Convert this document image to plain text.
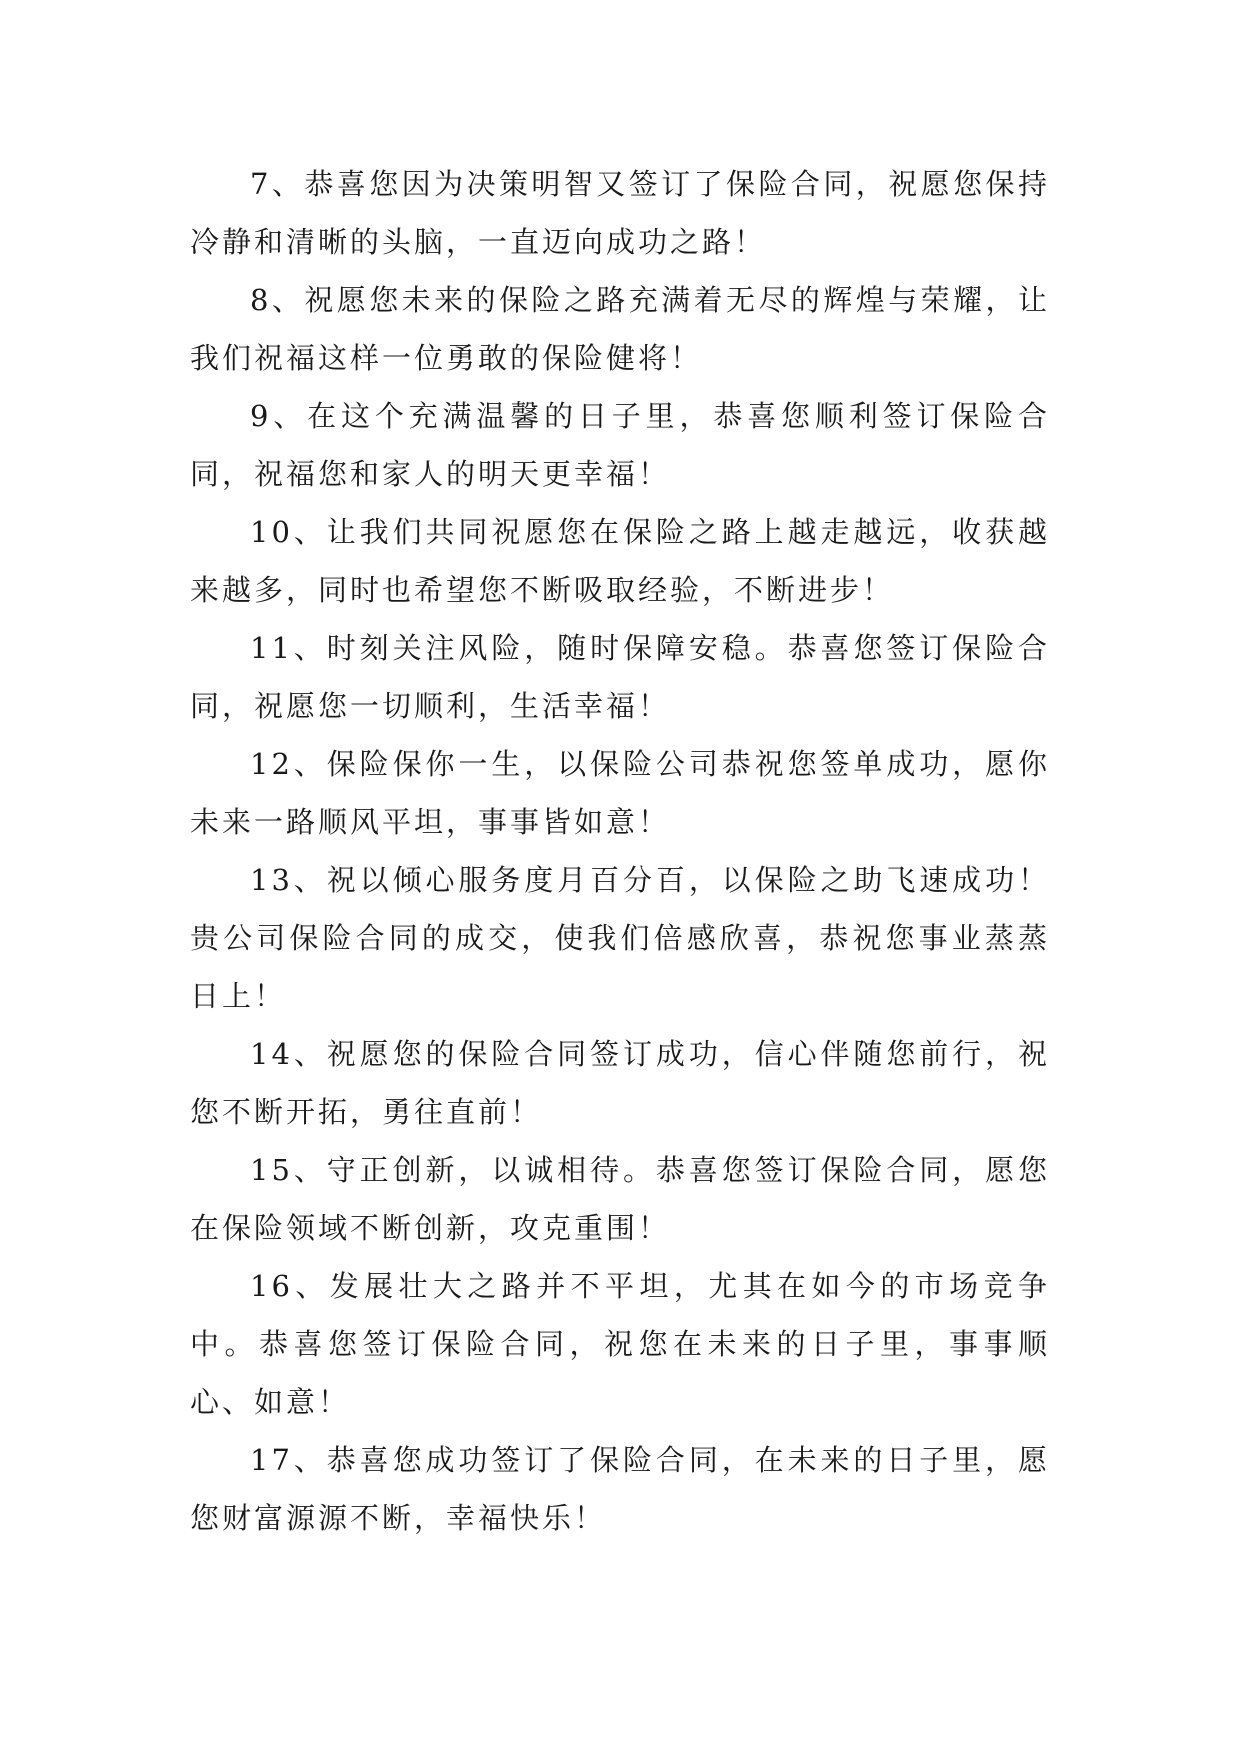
7、恭喜您因为决策明智又签订了保险合同，祝愿您保持冷静和清晰的头脑，一直迈向成功之路！

8、祝愿您未来的保险之路充满着无尽的辉煌与荣耀，让我们祝福这样一位勇敢的保险健将！

9、在这个充满温馨的日子里，恭喜您顺利签订保险合同，祝福您和家人的明天更幸福！

10、让我们共同祝愿您在保险之路上越走越远，收获越来越多，同时也希望您不断吸取经验，不断进步！

11、时刻关注风险，随时保障安稳。恭喜您签订保险合同，祝愿您一切顺利，生活幸福！

12、保险保你一生，以保险公司恭祝您签单成功，愿你未来一路顺风平坦，事事皆如意！

13、祝以倾心服务度月百分百，以保险之助飞速成功！贵公司保险合同的成交，使我们倍感欣喜，恭祝您事业蒸蒸日上！

14、祝愿您的保险合同签订成功，信心伴随您前行，祝您不断开拓，勇往直前！

15、守正创新，以诚相待。恭喜您签订保险合同，愿您在保险领域不断创新，攻克重围！

16、发展壮大之路并不平坦，尤其在如今的市场竞争中。恭喜您签订保险合同，祝您在未来的日子里，事事顺心、如意！

17、恭喜您成功签订了保险合同，在未来的日子里，愿您财富源源不断，幸福快乐！
